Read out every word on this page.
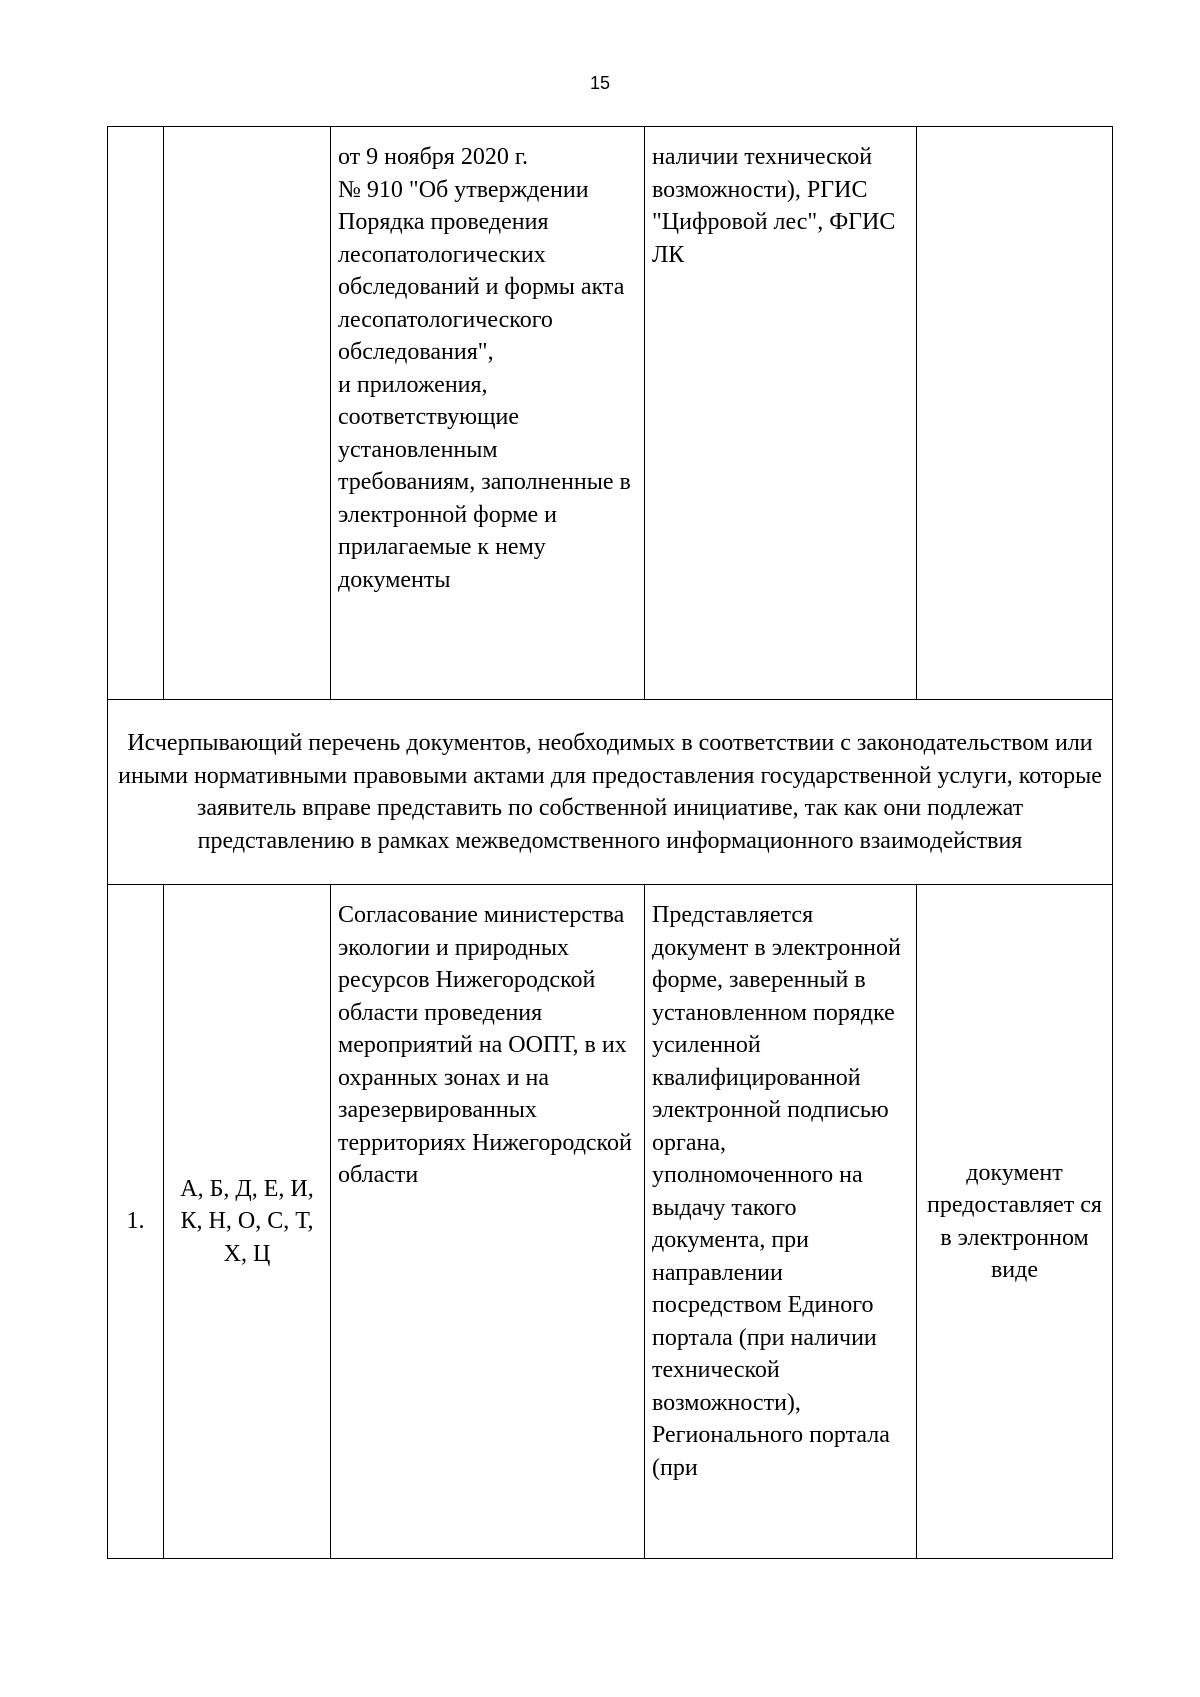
15

		от 9 ноября 2020 г.
№ 910 "Об утверждении Порядка проведения лесопатологических обследований и формы акта лесопатологического обследования",
и приложения, соответствующие установленным требованиям, заполненные в электронной форме и прилагаемые к нему документы	наличии технической возможности), РГИС "Цифровой лес", ФГИС ЛК	

Исчерпывающий перечень документов, необходимых в соответствии с законодательством или иными нормативными правовыми актами для предоставления государственной услуги, которые заявитель вправе представить по собственной инициативе, так как они подлежат представлению в рамках межведомственного информационного взаимодействия				

1.	А, Б, Д, Е, И, К, Н, О, С, Т, Х, Ц	Согласование министерства экологии и природных ресурсов Нижегородской области проведения мероприятий на ООПТ, в их охранных зонах и на зарезервированных территориях Нижегородской области	Представляется документ в электронной форме, заверенный в установленном порядке усиленной квалифицированной электронной подписью органа, уполномоченного на выдачу такого документа, при направлении посредством Единого портала (при наличии технической возможности), Регионального портала (при	документ предоставляет ся в электронном виде
